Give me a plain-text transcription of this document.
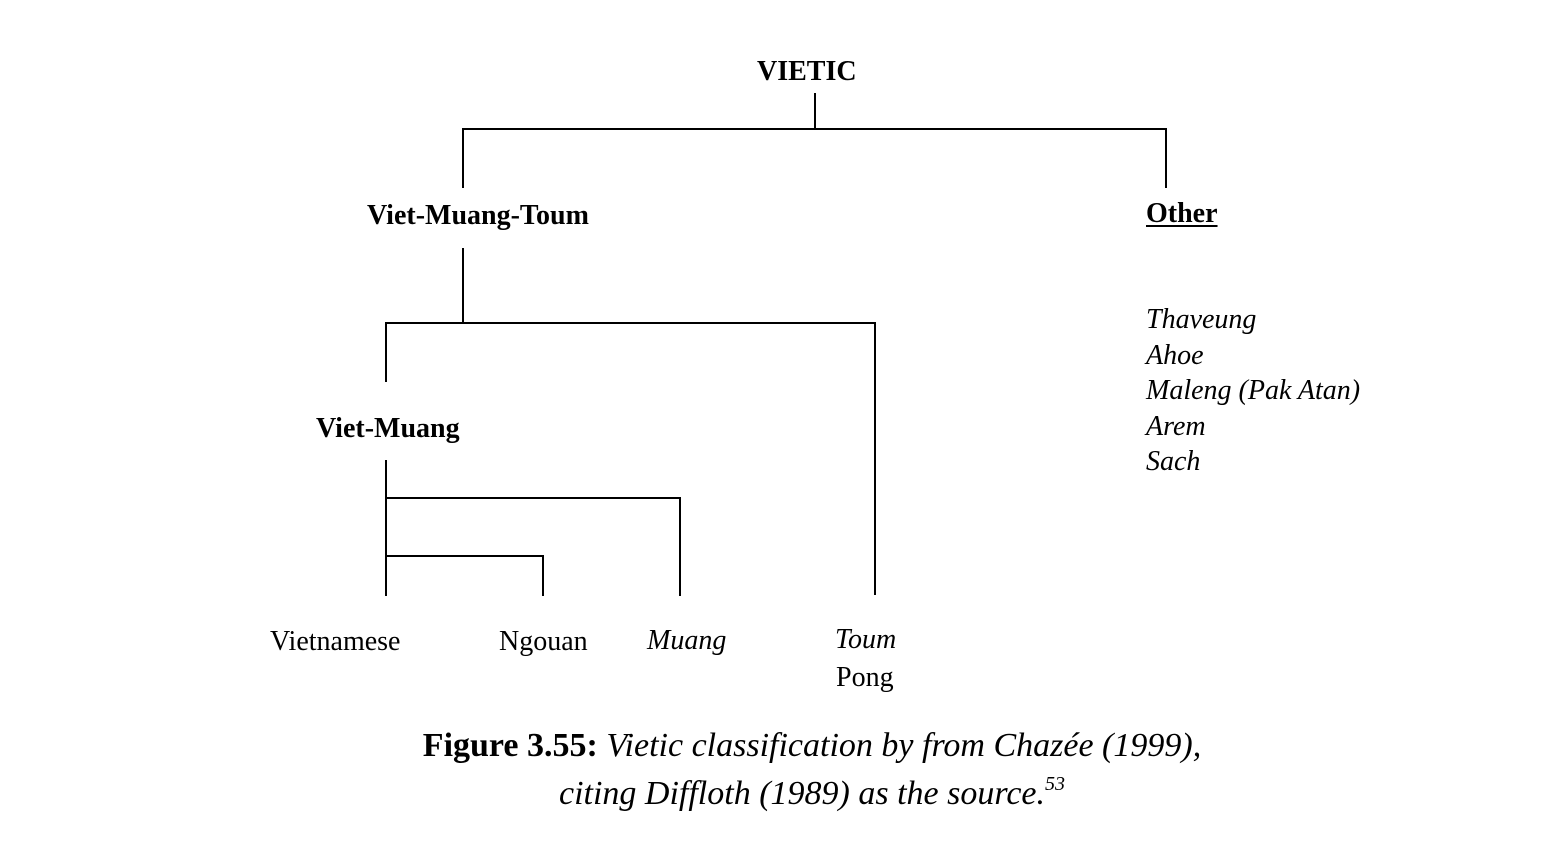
VIETIC
Viet-Muang-Toum	Other
Viet-Muang
Vietnamese	Ngouan Muang	Toum
Pong
Thaveung
Ahoe
Maleng (Pak Atan)
Arem
Sach
Figure 3.55: Vietic classification by from Chazée (1999),
citing Diffloth (1989) as the source.$^{53}$
